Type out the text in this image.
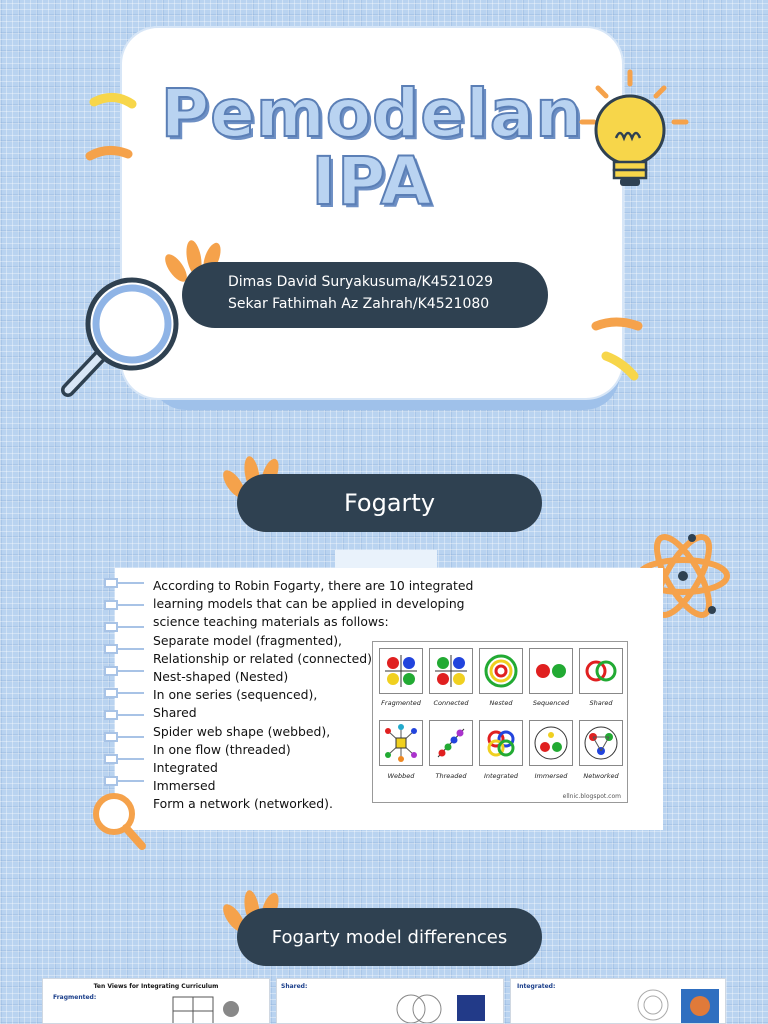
Pemodelan
IPA
Dimas David Suryakusuma/K4521029
Sekar Fathimah Az Zahrah/K4521080
Fogarty
According to Robin Fogarty, there are 10 integrated learning models that can be applied in developing science teaching materials as follows:
Separate model (fragmented),
Relationship or related (connected)
Nest-shaped (Nested)
In one series (sequenced),
Shared
Spider web shape (webbed),
In one flow (threaded)
Integrated
Immersed
Form a network (networked).
Fragmented	Connected	Nested	Sequenced	Shared
Webbed	Threaded	Integrated	Immersed	Networked
ellnic.blogspot.com
Fogarty model differences
Ten Views for Integrating Curriculum
Fragmented:
Shared:	Integrated:
